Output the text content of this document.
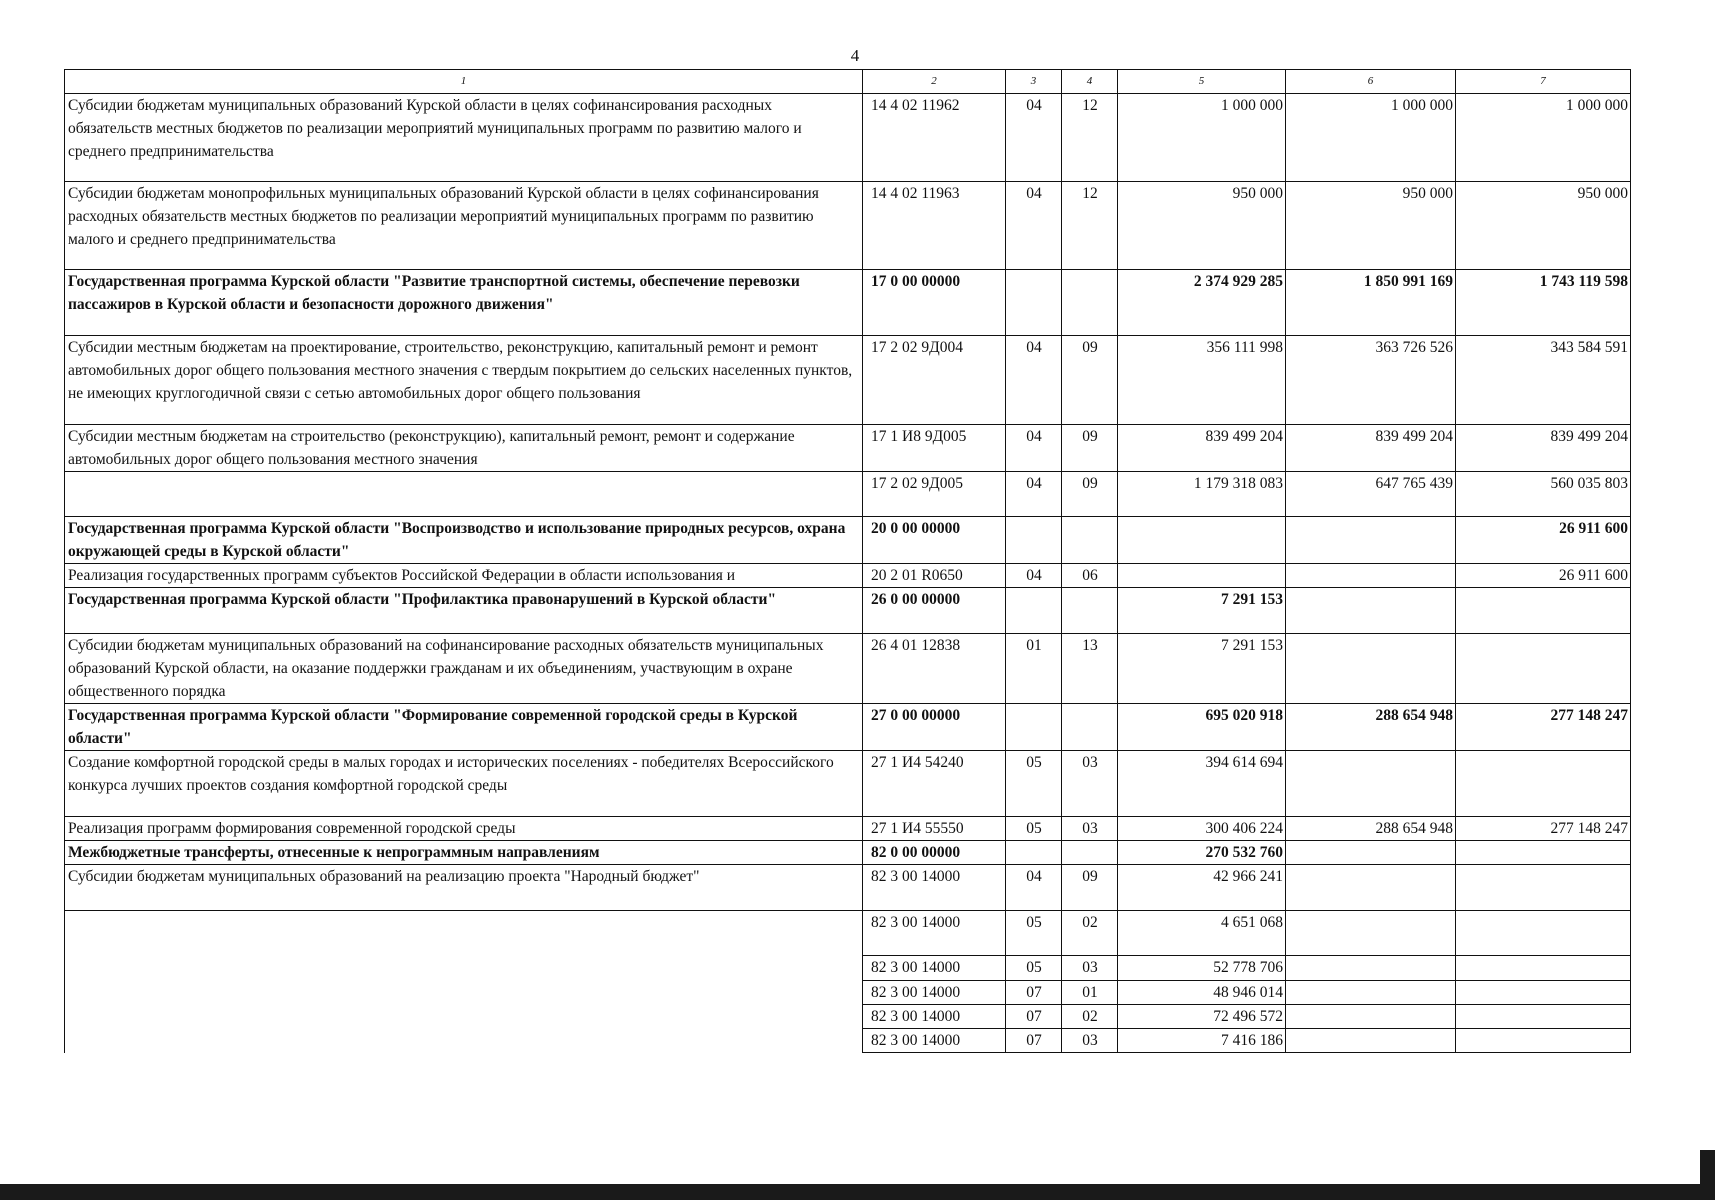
4
1	2	3	4	5	6	7
Субсидии бюджетам муниципальных образований Курской области в целях софинансирования расходных обязательств местных бюджетов по реализации мероприятий муниципальных программ по развитию малого и среднего предпринимательства	14 4 02 11962	04	12	1 000 000	1 000 000	1 000 000
Субсидии бюджетам монопрофильных муниципальных образований Курской области в целях софинансирования расходных обязательств местных бюджетов по реализации мероприятий муниципальных программ по развитию малого и среднего предпринимательства	14 4 02 11963	04	12	950 000	950 000	950 000
Государственная программа Курской области "Развитие транспортной системы, обеспечение перевозки пассажиров в Курской области и безопасности дорожного движения"	17 0 00 00000			2 374 929 285	1 850 991 169	1 743 119 598
Субсидии местным бюджетам на проектирование, строительство, реконструкцию, капитальный ремонт и ремонт автомобильных дорог общего пользования местного значения с твердым покрытием до сельских населенных пунктов, не имеющих круглогодичной связи с сетью автомобильных дорог общего пользования	17 2 02 9Д004	04	09	356 111 998	363 726 526	343 584 591
Субсидии местным бюджетам на строительство (реконструкцию), капитальный ремонт, ремонт и содержание автомобильных дорог общего пользования местного значения	17 1 И8 9Д005	04	09	839 499 204	839 499 204	839 499 204
	17 2 02 9Д005	04	09	1 179 318 083	647 765 439	560 035 803
Государственная программа Курской области "Воспроизводство и использование природных ресурсов, охрана окружающей среды в Курской области"	20 0 00 00000					26 911 600
Реализация государственных программ субъектов Российской Федерации в области использования и	20 2 01 R0650	04	06			26 911 600
Государственная программа Курской области "Профилактика правонарушений в Курской области"	26 0 00 00000			7 291 153		
Субсидии бюджетам муниципальных образований на софинансирование расходных обязательств муниципальных образований Курской области, на оказание поддержки гражданам и их объединениям, участвующим в охране общественного порядка	26 4 01 12838	01	13	7 291 153		
Государственная программа Курской области "Формирование современной городской среды в Курской области"	27 0 00 00000			695 020 918	288 654 948	277 148 247
Создание комфортной городской среды в малых городах и исторических поселениях - победителях Всероссийского конкурса лучших проектов создания комфортной городской среды	27 1 И4 54240	05	03	394 614 694		
Реализация программ формирования современной городской среды	27 1 И4 55550	05	03	300 406 224	288 654 948	277 148 247
Межбюджетные трансферты, отнесенные к непрограммным направлениям	82 0 00 00000			270 532 760		
Субсидии бюджетам муниципальных образований на реализацию проекта "Народный бюджет"	82 3 00 14000	04	09	42 966 241		
	82 3 00 14000	05	02	4 651 068		
	82 3 00 14000	05	03	52 778 706		
	82 3 00 14000	07	01	48 946 014		
	82 3 00 14000	07	02	72 496 572		
	82 3 00 14000	07	03	7 416 186		
